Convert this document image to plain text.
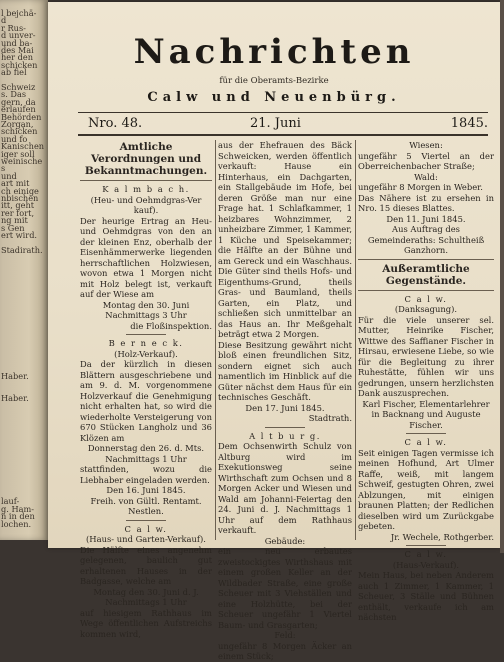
l bejchä-
d
r Rus-
d unver-
und ba-
des Mai
her den
schicken
ab fiel
Schweiz
s. Das
gern, da
erlaufen
Behörden
Zorgan,
schicken
und fo
Kanischen
iger soll
weinische
s
und
art mit
ch einige
nbischen
itt, geht
rer fort,
ng mit
s Gen
ert wird.
Stadirath.
Haber.
Haber.
lauf-
g. Ham-
n in den
lochen.
Nachrichten
für die Oberamts-Bezirke
Calw und Neuenbürg.
Nro. 48.	21. Juni	1845.

Amtliche Verordnungen und Bekanntmachungen.

K a l m b a c h.

(Heu- und Oehmdgras-Ver kauf).

Der heurige Ertrag an Heu- und Oehmdgras von den an der kleinen Enz, oberhalb der Eisenhämmerwerke liegenden herrschaftlichen Holzwiesen, wovon etwa 1 Morgen nicht mit Holz belegt ist, verkauft auf der Wiese am

Montag den 30. Juni Nachmittags 3 Uhr

die Floßinspektion.

B e r n e c k.

(Holz-Verkauf).

Da der kürzlich in diesen Blättern ausgeschriebene und am 9. d. M. vorgenommene Holzverkauf die Genehmigung nicht erhalten hat, so wird die wiederholte Versteigerung von 670 Stücken Langholz und 36 Klözen am

Donnerstag den 26. d. Mts. Nachmittags 1 Uhr

stattfinden, wozu die Liebhaber eingeladen werden.

Den 16. Juni 1845.

Freih. von Gültl. Rentamt. Nestlen.

C a l w.

(Haus- und Garten-Verkauf).

Die Hälfte eines angenehm gelegenen, baulich gut erhaltenen Hauses in der Badgasse, welche am

Montag den 30. Juni d. J. Nachmittags 1 Uhr

auf hiesigem Rathhaus im Wege öffentlichen Aufstreichs kommen wird,

aus der Ehefrauen des Bäck Schweicken, werden öffentlich verkauft: Hause ein Hinterhaus, ein Dachgarten, ein Stallgebäude im Hofe, bei deren Größe man nur eine Frage hat. 1 Schlafkammer, 1 heizbares Wohnzimmer, 2 unheizbare Zimmer, 1 Kammer, 1 Küche und Speisekammer; die Hälfte an der Bühne und am Gereck und ein Waschhaus. Die Güter sind theils Hofs- und Eigenthums-Grund, theils Gras- und Baumland, theils Garten, ein Platz, und schließen sich unmittelbar an das Haus an. Ihr Meßgehalt beträgt etwa 2 Morgen.

Diese Besitzung gewährt nicht bloß einen freundlichen Sitz, sondern eignet sich auch namentlich im Hinblick auf die Güter nächst dem Haus für ein technisches Geschäft.

Den 17. Juni 1845.

Stadtrath.

A l t b u r g.

Dem Ochsenwirth Schulz von Altburg wird im Exekutionsweg seine Wirthschaft zum Ochsen und 8 Morgen Acker und Wiesen und Wald am Johanni-Feiertag den 24. Juni d. J. Nachmittags 1 Uhr auf dem Rathhaus verkauft.

Gebäude:

ein neu erbautes zweistockigtes Wirthshaus mit einem großen Keller an der Wildbader Straße, eine große Scheuer mit 3 Viehställen und eine Holzhütte, bei der Scheuer ungefähr 1 Viertel Baum- und Grasgarten;

Feld:

ungefähr 8 Morgen Äcker an einem Stück;

Wiesen:

ungefähr 5 Viertel an der Oberreichenbacher Straße;

Wald:

ungefähr 8 Morgen in Weber.

Das Nähere ist zu ersehen in Nro. 15 dieses Blattes.

Den 11. Juni 1845.

Aus Auftrag des Gemeinderaths: Schultheiß Ganzhorn.

Außeramtliche Gegenstände.

C a l w.

(Danksagung).

Für die viele unserer sel. Mutter, Heinrike Fischer, Wittwe des Saffianer Fischer in Hirsau, erwiesene Liebe, so wie für die Begleitung zu ihrer Ruhestätte, fühlen wir uns gedrungen, unsern herzlichsten Dank auszusprechen.

Karl Fischer, Elementarlehrer in Backnang und Auguste Fischer.

C a l w.

Seit einigen Tagen vermisse ich meinen Hofhund, Art Ulmer Raffe, weiß, mit langem Schweif, gestugten Ohren, zwei Ablzungen, mit einigen braunen Platten; der Redlichen dieselben wird um Zurückgabe gebeten.

Jr. Wechele, Rothgerber.

C a l w.

(Haus-Verkauf).

Mein Haus, bei neben Anderem auch 1 Zimmer, 1 Kammer, 1 Scheuer, 3 Ställe und Bühnen enthält, verkaufe ich am nächsten
